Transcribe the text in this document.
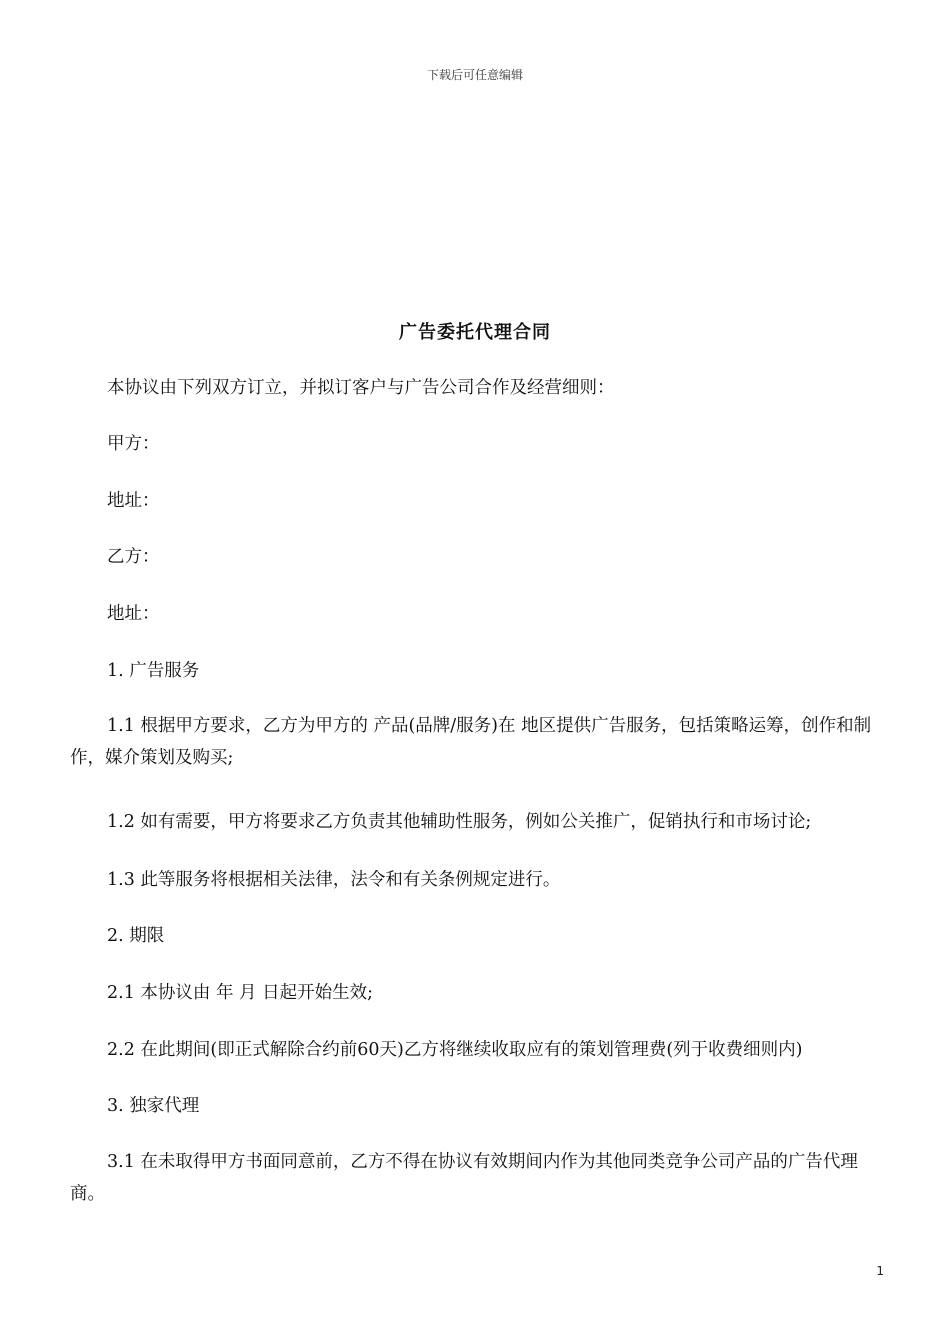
下载后可任意编辑
广告委托代理合同
本协议由下列双方订立，并拟订客户与广告公司合作及经营细则：
甲方：
地址：
乙方：
地址：
1. 广告服务
1.1 根据甲方要求，乙方为甲方的 产品(品牌/服务)在 地区提供广告服务，包括策略运筹，创作和制作，媒介策划及购买;
1.2 如有需要，甲方将要求乙方负责其他辅助性服务，例如公关推广，促销执行和市场讨论;
1.3 此等服务将根据相关法律，法令和有关条例规定进行。
2. 期限
2.1 本协议由 年 月 日起开始生效;
2.2 在此期间(即正式解除合约前60天)乙方将继续收取应有的策划管理费(列于收费细则内)
3. 独家代理
3.1 在未取得甲方书面同意前，乙方不得在协议有效期间内作为其他同类竞争公司产品的广告代理商。
1
